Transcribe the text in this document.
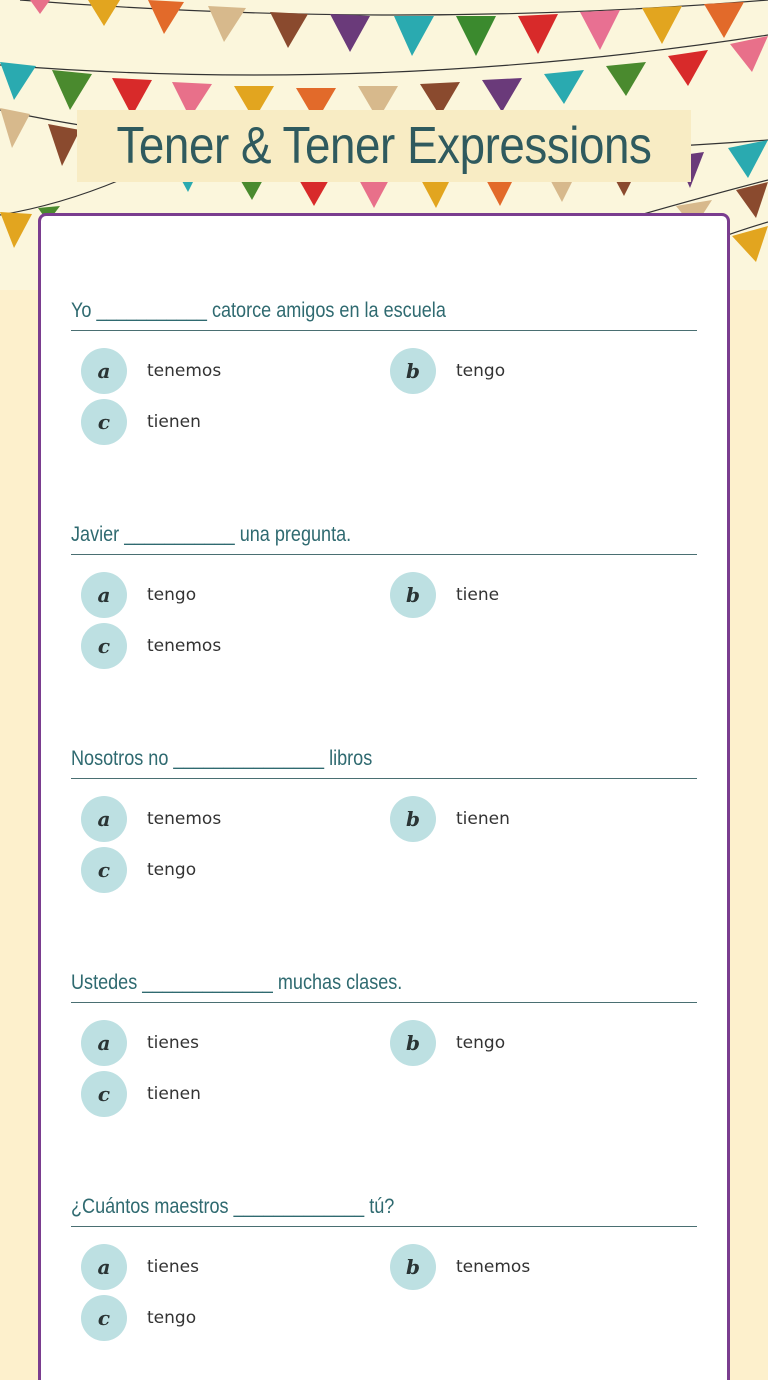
Tener & Tener Expressions
Yo ___________ catorce amigos en la escuela
a	tenemos	b	tengo
c	tienen
Javier ___________ una pregunta.
a	tengo	b	tiene
c	tenemos
Nosotros no _______________ libros
a	tenemos	b	tienen
c	tengo
Ustedes _____________ muchas clases.
a	tienes	b	tengo
c	tienen
¿Cuántos maestros _____________ tú?
a	tienes	b	tenemos
c	tengo
